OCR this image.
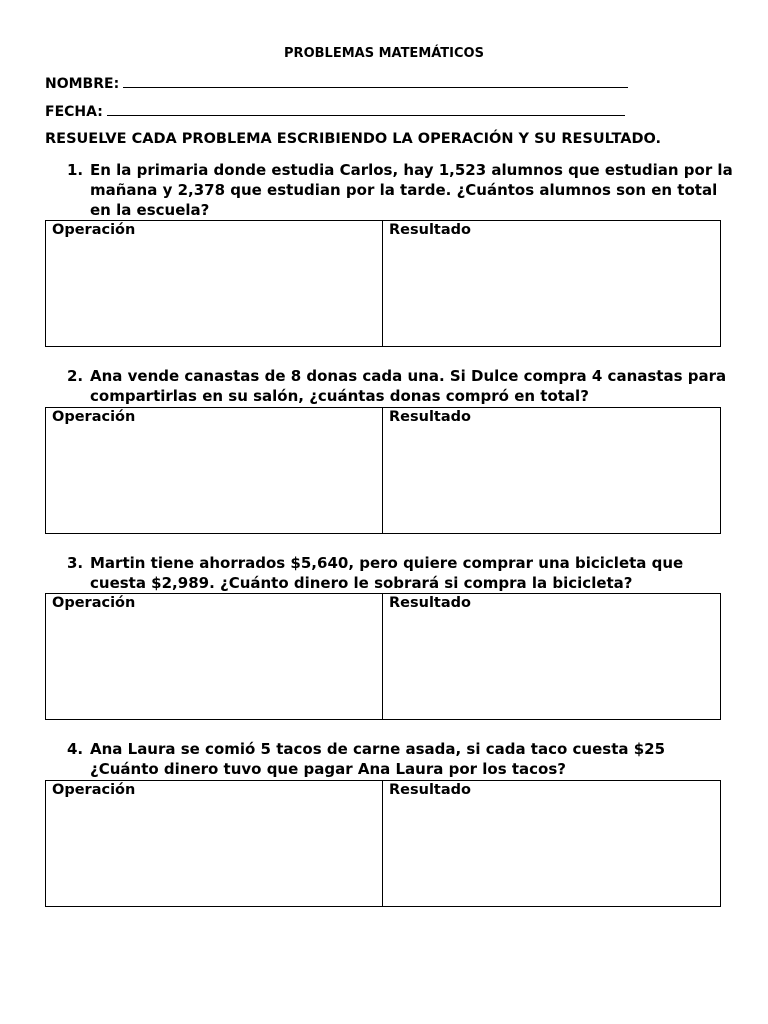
PROBLEMAS MATEMÁTICOS
NOMBRE:
FECHA:
RESUELVE CADA PROBLEMA ESCRIBIENDO LA OPERACIÓN Y SU RESULTADO.
1. En la primaria donde estudia Carlos, hay 1,523 alumnos que estudian por la mañana y 2,378 que estudian por la tarde. ¿Cuántos alumnos son en total en la escuela?
Operación	Resultado
2. Ana vende canastas de 8 donas cada una. Si Dulce compra 4 canastas para compartirlas en su salón, ¿cuántas donas compró en total?
Operación	Resultado
3. Martin tiene ahorrados $5,640, pero quiere comprar una bicicleta que cuesta $2,989. ¿Cuánto dinero le sobrará si compra la bicicleta?
Operación	Resultado
4. Ana Laura se comió 5 tacos de carne asada, si cada taco cuesta $25 ¿Cuánto dinero tuvo que pagar Ana Laura por los tacos?
Operación	Resultado
